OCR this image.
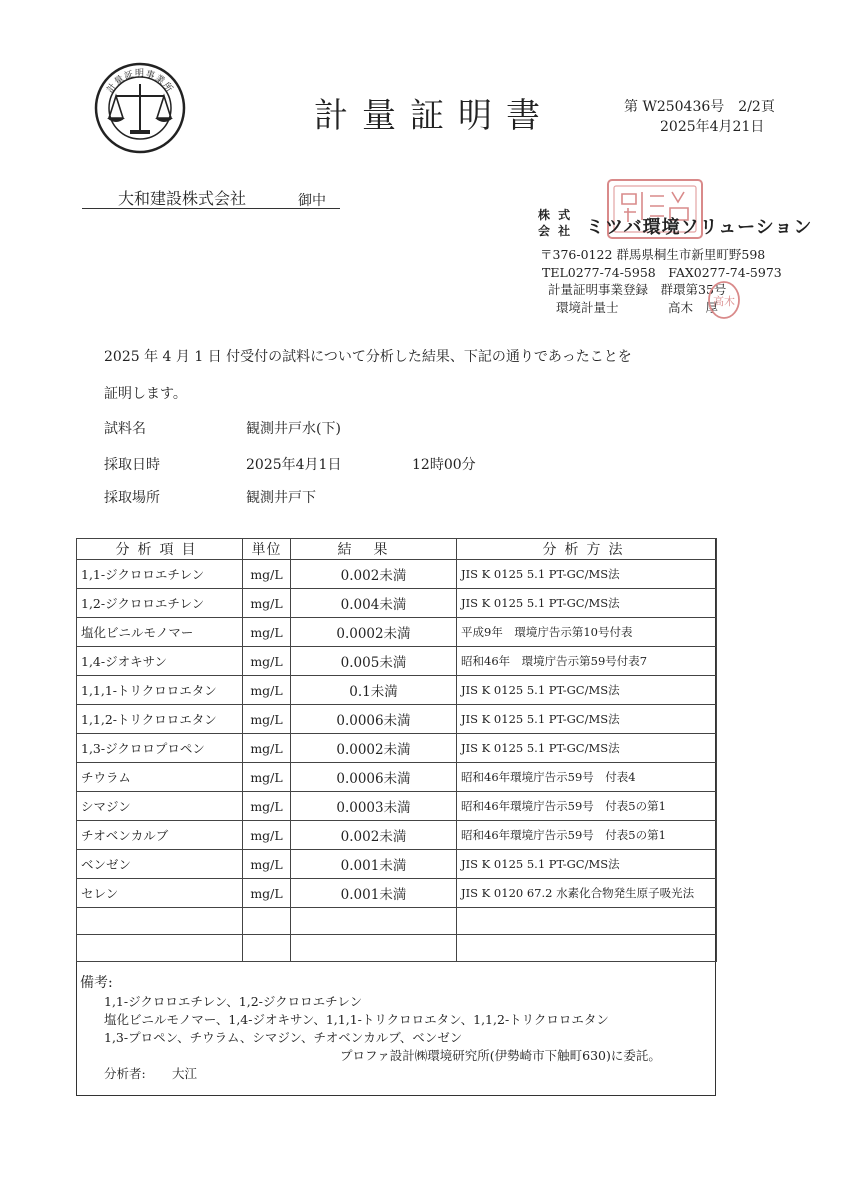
計量証明事業所
計量証明書	第 W250436号　2/2頁
2025年4月21日
大和建設株式会社	御中
株 式
会 社 ミツバ環境ソリューション
〒376-0122 群馬県桐生市新里町野598
TEL0277-74-5958　FAX0277-74-5973
計量証明事業登録　群環第35号
環境計量士	高木　厚
高木
2025 年 4 月 1 日 付受付の試料について分析した結果、下記の通りであったことを
証明します。
試料名	観測井戸水(下)
採取日時	2025年4月1日	12時00分
採取場所	観測井戸下
分析項目	単位	結果	分析方法
1,1-ジクロロエチレン	mg/L	0.002未満	JIS K 0125 5.1 PT-GC/MS法
1,2-ジクロロエチレン	mg/L	0.004未満	JIS K 0125 5.1 PT-GC/MS法
塩化ビニルモノマー	mg/L	0.0002未満	平成9年　環境庁告示第10号付表
1,4-ジオキサン	mg/L	0.005未満	昭和46年　環境庁告示第59号付表7
1,1,1-トリクロロエタン	mg/L	0.1未満	JIS K 0125 5.1 PT-GC/MS法
1,1,2-トリクロロエタン	mg/L	0.0006未満	JIS K 0125 5.1 PT-GC/MS法
1,3-ジクロロプロペン	mg/L	0.0002未満	JIS K 0125 5.1 PT-GC/MS法
チウラム	mg/L	0.0006未満	昭和46年環境庁告示59号　付表4
シマジン	mg/L	0.0003未満	昭和46年環境庁告示59号　付表5の第1
チオベンカルブ	mg/L	0.002未満	昭和46年環境庁告示59号　付表5の第1
ベンゼン	mg/L	0.001未満	JIS K 0125 5.1 PT-GC/MS法
セレン	mg/L	0.001未満	JIS K 0120 67.2 水素化合物発生原子吸光法

備考:
1,1-ジクロロエチレン、1,2-ジクロロエチレン
塩化ビニルモノマー、1,4-ジオキサン、1,1,1-トリクロロエタン、1,1,2-トリクロロエタン
1,3-プロペン、チウラム、シマジン、チオベンカルブ、ベンゼン
プロファ設計㈱環境研究所(伊勢崎市下触町630)に委託。
分析者: 大江
